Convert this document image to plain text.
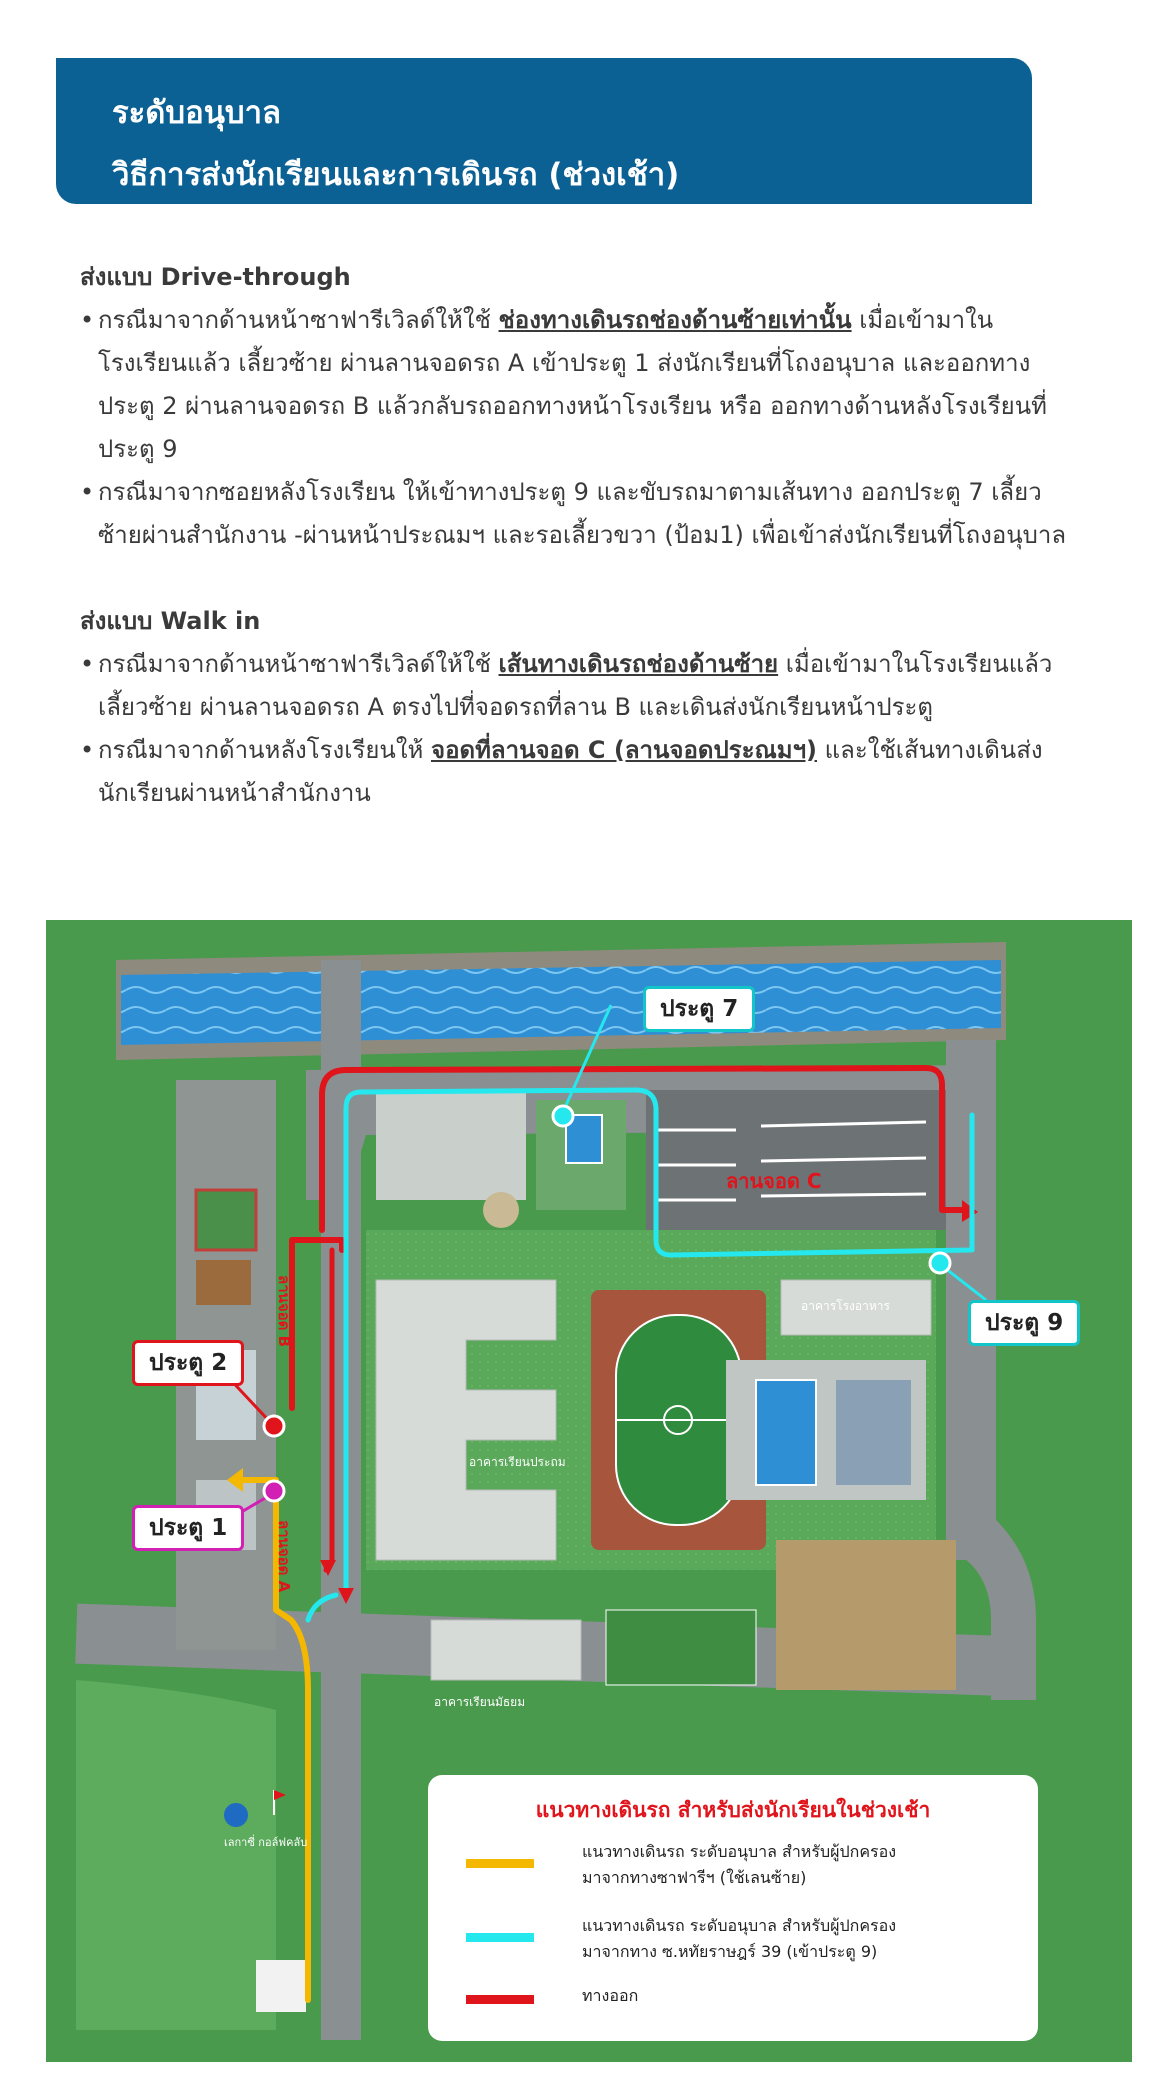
ระดับอนุบาล
วิธีการส่งนักเรียนและการเดินรถ (ช่วงเช้า)

ส่งแบบ Drive-through

• กรณีมาจากด้านหน้าซาฟารีเวิลด์ให้ใช้ ช่องทางเดินรถช่องด้านซ้ายเท่านั้น เมื่อเข้ามาในโรงเรียนแล้ว เลี้ยวซ้าย ผ่านลานจอดรถ A เข้าประตู 1 ส่งนักเรียนที่โถงอนุบาล และออกทางประตู 2 ผ่านลานจอดรถ B แล้วกลับรถออกทางหน้าโรงเรียน หรือ ออกทางด้านหลังโรงเรียนที่ ประตู 9
• กรณีมาจากซอยหลังโรงเรียน ให้เข้าทางประตู 9 และขับรถมาตามเส้นทาง ออกประตู 7 เลี้ยวซ้ายผ่านสำนักงาน -ผ่านหน้าประณมฯ และรอเลี้ยวขวา (ป้อม1) เพื่อเข้าส่งนักเรียนที่โถงอนุบาล

ส่งแบบ Walk in

• กรณีมาจากด้านหน้าซาฟารีเวิลด์ให้ใช้ เส้นทางเดินรถช่องด้านซ้าย เมื่อเข้ามาในโรงเรียนแล้ว เลี้ยวซ้าย ผ่านลานจอดรถ A ตรงไปที่จอดรถที่ลาน B และเดินส่งนักเรียนหน้าประตู
• กรณีมาจากด้านหลังโรงเรียนให้ จอดที่ลานจอด C (ลานจอดประณมฯ) และใช้เส้นทางเดินส่งนักเรียนผ่านหน้าสำนักงาน
ลานจอด C
ลานจอด B
ลานจอด A
อาคารโรงอาหาร
อาคารเรียนประถม
อาคารเรียนมัธยม
เลกาซี่ กอล์ฟคลับ
ประตู 7
ประตู 9
ประตู 2
ประตู 1
แนวทางเดินรถ สำหรับส่งนักเรียนในช่วงเช้า
แนวทางเดินรถ ระดับอนุบาล สำหรับผู้ปกครอง
มาจากทางซาฟารีฯ (ใช้เลนซ้าย)
แนวทางเดินรถ ระดับอนุบาล สำหรับผู้ปกครอง
มาจากทาง ซ.หทัยราษฎร์ 39 (เข้าประตู 9)
ทางออก
